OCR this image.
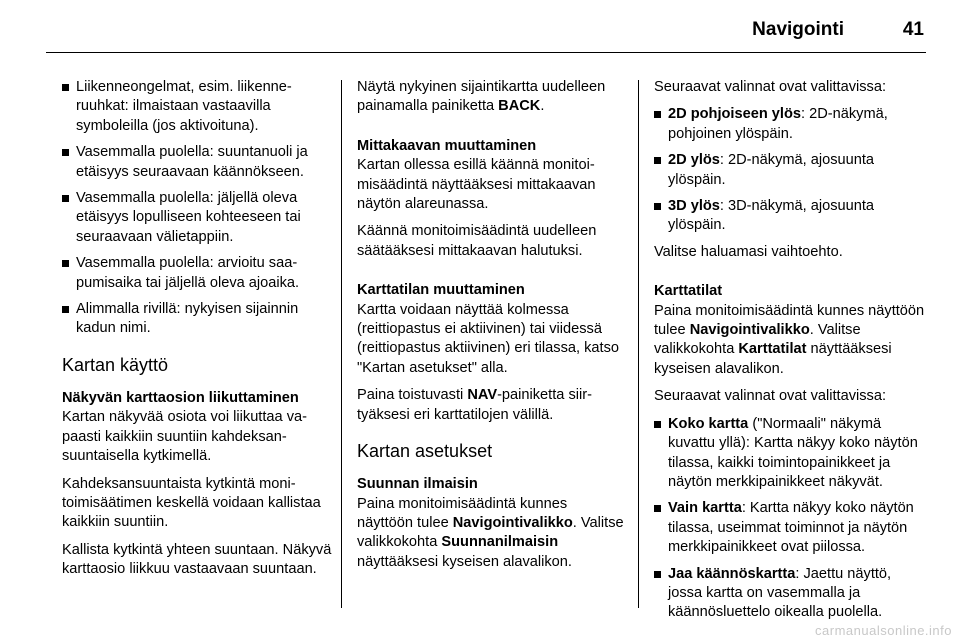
Navigointi	41
Liikenneongelmat, esim. liikenneruuhkat: ilmaistaan vastaavilla symboleilla (jos aktivoituna).
Vasemmalla puolella: suuntanuoli ja etäisyys seuraavaan käännökseen.
Vasemmalla puolella: jäljellä oleva etäisyys lopulliseen kohteeseen tai seuraavaan välietappiin.
Vasemmalla puolella: arvioitu saapumisaika tai jäljellä oleva ajoaika.
Alimmalla rivillä: nykyisen sijainnin kadun nimi.
Kartan käyttö

Näkyvän karttaosion liikuttaminen

Kartan näkyvää osiota voi liikuttaa vapaasti kaikkiin suuntiin kahdeksansuuntaisella kytkimellä.

Kahdeksansuuntaista kytkintä monitoimisäätimen keskellä voidaan kallistaa kaikkiin suuntiin.

Kallista kytkintä yhteen suuntaan. Näkyvä karttaosio liikkuu vastaavaan suuntaan.

Näytä nykyinen sijaintikartta uudelleen painamalla painiketta BACK.

Mittakaavan muuttaminen

Kartan ollessa esillä käännä monitoimisäädintä näyttääksesi mittakaavan näytön alareunassa.

Käännä monitoimisäädintä uudelleen säätääksesi mittakaavan halutuksi.

Karttatilan muuttaminen

Kartta voidaan näyttää kolmessa (reittiopastus ei aktiivinen) tai viidessä (reittiopastus aktiivinen) eri tilassa, katso "Kartan asetukset" alla.

Paina toistuvasti NAV-painiketta siirtyäksesi eri karttatilojen välillä.

Kartan asetukset

Suunnan ilmaisin

Paina monitoimisäädintä kunnes näyttöön tulee Navigointivalikko. Valitse valikkokohta Suunnanilmaisin näyttääksesi kyseisen alavalikon.

Seuraavat valinnat ovat valittavissa:

2D pohjoiseen ylös: 2D-näkymä, pohjoinen ylöspäin.
2D ylös: 2D-näkymä, ajosuunta ylöspäin.
3D ylös: 3D-näkymä, ajosuunta ylöspäin.

Valitse haluamasi vaihtoehto.

Karttatilat

Paina monitoimisäädintä kunnes näyttöön tulee Navigointivalikko. Valitse valikkokohta Karttatilat näyttääksesi kyseisen alavalikon.

Seuraavat valinnat ovat valittavissa:

Koko kartta ("Normaali" näkymä kuvattu yllä): Kartta näkyy koko näytön tilassa, kaikki toimintopainikkeet ja näytön merkkipainikkeet näkyvät.
Vain kartta: Kartta näkyy koko näytön tilassa, useimmat toiminnot ja näytön merkkipainikkeet ovat piilossa.
Jaa käännöskartta: Jaettu näyttö, jossa kartta on vasemmalla ja käännösluettelo oikealla puolella.
carmanualsonline.info
